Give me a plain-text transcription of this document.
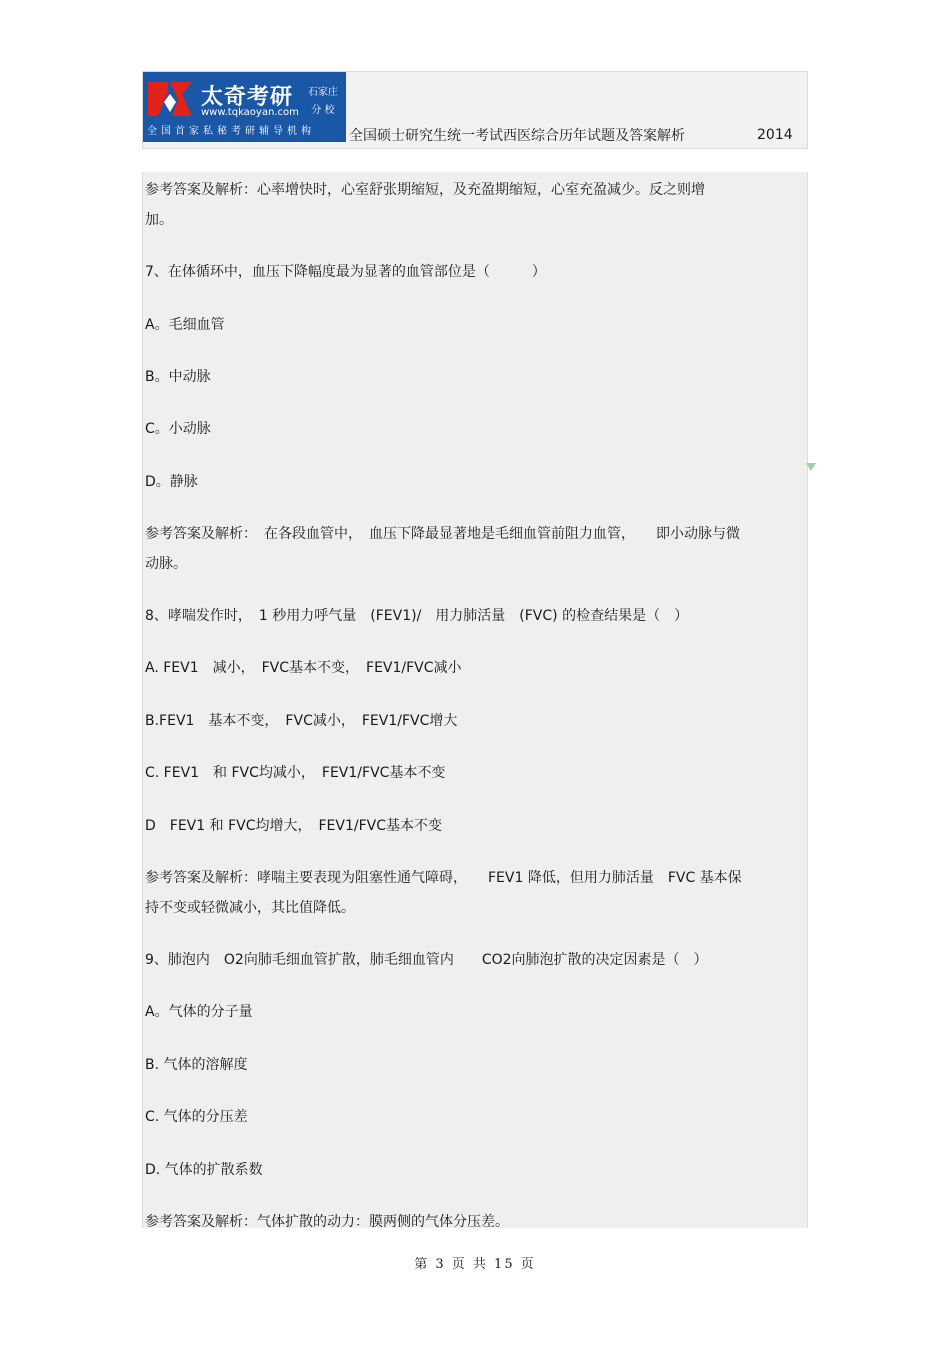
太奇考研
www.tqkaoyan.com
石家庄
分 校
全国首家私秘考研辅导机构	全国硕士研究生统一考试西医综合历年试题及答案解析	2014
参考答案及解析：心率增快时，心室舒张期缩短，及充盈期缩短，心室充盈减少。反之则增
加。
7、在体循环中，血压下降幅度最为显著的血管部位是（　　　）
A。毛细血管
B。中动脉
C。小动脉
D。静脉
参考答案及解析：　在各段血管中，　血压下降最显著地是毛细血管前阻力血管，　　即小动脉与微
动脉。
8、哮喘发作时，　1 秒用力呼气量　(FEV1)/　用力肺活量　(FVC) 的检查结果是（　）
A. FEV1　减小，　FVC基本不变，　FEV1/FVC减小
B.FEV1　基本不变，　FVC减小，　FEV1/FVC增大
C. FEV1　和 FVC均减小，　FEV1/FVC基本不变
D　FEV1 和 FVC均增大，　FEV1/FVC基本不变
参考答案及解析：哮喘主要表现为阻塞性通气障碍，　　FEV1 降低，但用力肺活量　FVC 基本保
持不变或轻微减小，其比值降低。
9、肺泡内　O2向肺毛细血管扩散，肺毛细血管内　　CO2向肺泡扩散的决定因素是（　）
A。气体的分子量
B. 气体的溶解度
C. 气体的分压差
D. 气体的扩散系数
参考答案及解析：气体扩散的动力：膜两侧的气体分压差。
第 3 页 共 15 页
